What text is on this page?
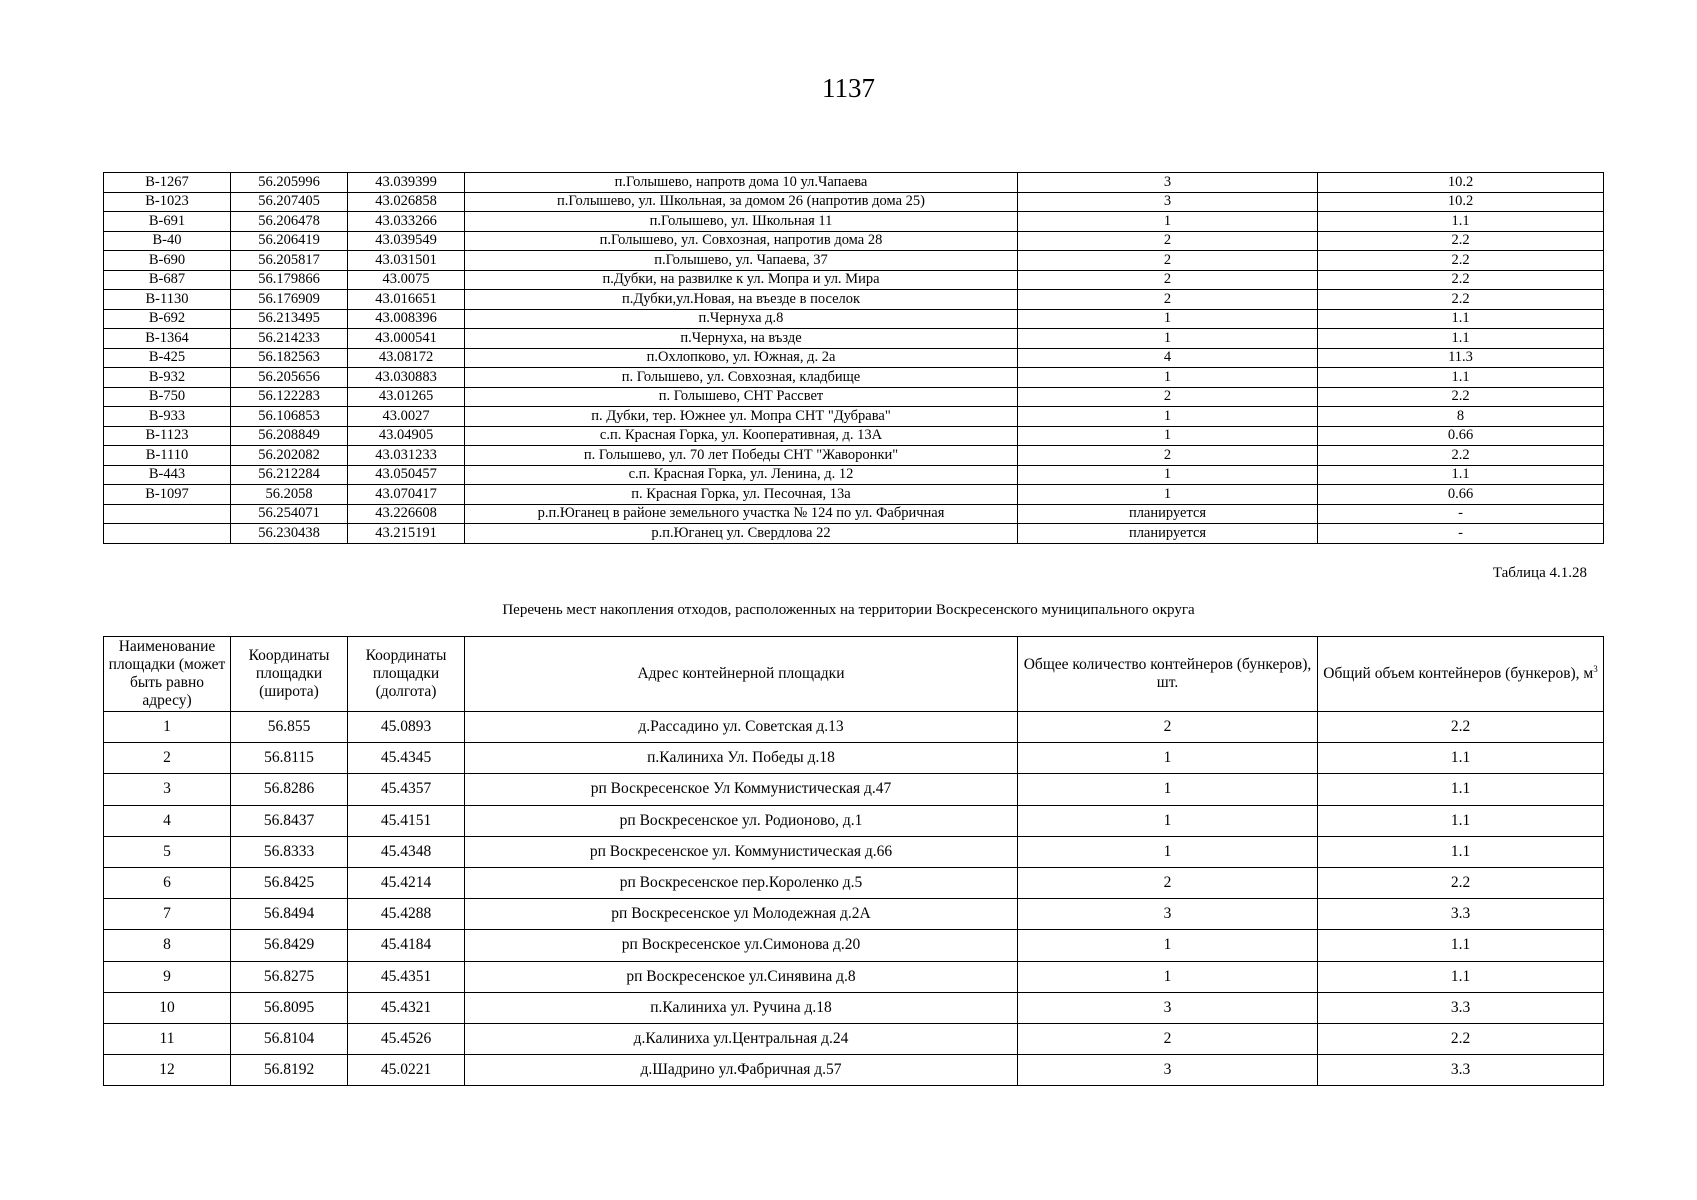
1137
В-1267	56.205996	43.039399	п.Голышево, напротв дома 10 ул.Чапаева	3	10.2
В-1023	56.207405	43.026858	п.Голышево, ул. Школьная, за домом 26 (напротив дома 25)	3	10.2
В-691	56.206478	43.033266	п.Голышево, ул. Школьная 11	1	1.1
В-40	56.206419	43.039549	п.Голышево, ул. Совхозная, напротив дома 28	2	2.2
В-690	56.205817	43.031501	п.Голышево, ул. Чапаева, 37	2	2.2
В-687	56.179866	43.0075	п.Дубки, на развилке к ул. Мопра и ул. Мира	2	2.2
В-1130	56.176909	43.016651	п.Дубки,ул.Новая, на въезде в поселок	2	2.2
В-692	56.213495	43.008396	п.Чернуха д.8	1	1.1
В-1364	56.214233	43.000541	п.Чернуха, на възде	1	1.1
В-425	56.182563	43.08172	п.Охлопково, ул. Южная, д. 2а	4	11.3
В-932	56.205656	43.030883	п. Голышево, ул. Совхозная, кладбище	1	1.1
В-750	56.122283	43.01265	п. Голышево, СНТ Рассвет	2	2.2
В-933	56.106853	43.0027	п. Дубки, тер. Южнее ул. Мопра СНТ "Дубрава"	1	8
В-1123	56.208849	43.04905	с.п. Красная Горка, ул. Кооперативная, д. 13А	1	0.66
В-1110	56.202082	43.031233	п. Голышево, ул. 70 лет Победы СНТ "Жаворонки"	2	2.2
В-443	56.212284	43.050457	с.п. Красная Горка, ул. Ленина, д. 12	1	1.1
В-1097	56.2058	43.070417	п. Красная Горка, ул. Песочная, 13а	1	0.66
	56.254071	43.226608	р.п.Юганец в районе земельного участка № 124 по ул. Фабричная	планируется	-
	56.230438	43.215191	р.п.Юганец ул. Свердлова 22	планируется	-
Таблица 4.1.28
Перечень мест накопления отходов, расположенных на территории Воскресенского муниципального округа
Наименование площадки (может быть равно адресу)	Координаты площадки (широта)	Координаты площадки (долгота)	Адрес контейнерной площадки	Общее количество контейнеров (бункеров), шт.	Общий объем контейнеров (бункеров), $м^3$
1	56.855	45.0893	д.Рассадино ул. Советская д.13	2	2.2
2	56.8115	45.4345	п.Калиниха Ул. Победы д.18	1	1.1
3	56.8286	45.4357	рп Воскресенское Ул Коммунистическая д.47	1	1.1
4	56.8437	45.4151	рп Воскресенское ул. Родионово, д.1	1	1.1
5	56.8333	45.4348	рп Воскресенское ул. Коммунистическая д.66	1	1.1
6	56.8425	45.4214	рп Воскресенское пер.Короленко д.5	2	2.2
7	56.8494	45.4288	рп Воскресенское ул Молодежная д.2А	3	3.3
8	56.8429	45.4184	рп Воскресенское ул.Симонова д.20	1	1.1
9	56.8275	45.4351	рп Воскресенское ул.Синявина д.8	1	1.1
10	56.8095	45.4321	п.Калиниха ул. Ручина д.18	3	3.3
11	56.8104	45.4526	д.Калиниха ул.Центральная д.24	2	2.2
12	56.8192	45.0221	д.Шадрино ул.Фабричная д.57	3	3.3
